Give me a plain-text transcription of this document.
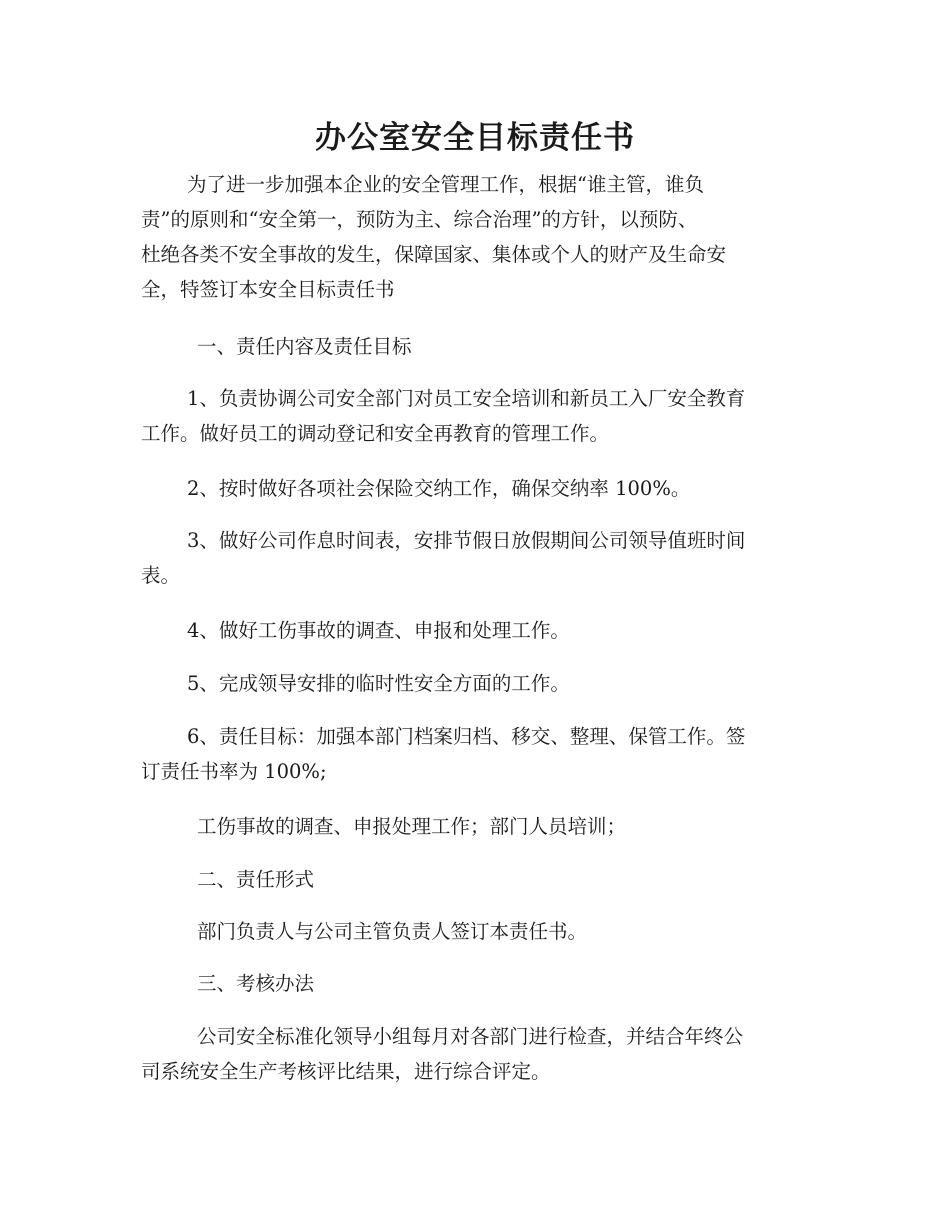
办公室安全目标责任书

为了进一步加强本企业的安全管理工作，根据“谁主管，谁负
责”的原则和“安全第一，预防为主、综合治理”的方针，以预防、
杜绝各类不安全事故的发生，保障国家、集体或个人的财产及生命安
全，特签订本安全目标责任书

一、责任内容及责任目标

1、负责协调公司安全部门对员工安全培训和新员工入厂安全教育
工作。做好员工的调动登记和安全再教育的管理工作。

2、按时做好各项社会保险交纳工作，确保交纳率 100%。

3、做好公司作息时间表，安排节假日放假期间公司领导值班时间
表。

4、做好工伤事故的调查、申报和处理工作。

5、完成领导安排的临时性安全方面的工作。

6、责任目标：加强本部门档案归档、移交、整理、保管工作。签
订责任书率为 100%;

工伤事故的调查、申报处理工作；部门人员培训；

二、责任形式

部门负责人与公司主管负责人签订本责任书。

三、考核办法

公司安全标准化领导小组每月对各部门进行检查，并结合年终公
司系统安全生产考核评比结果，进行综合评定。
